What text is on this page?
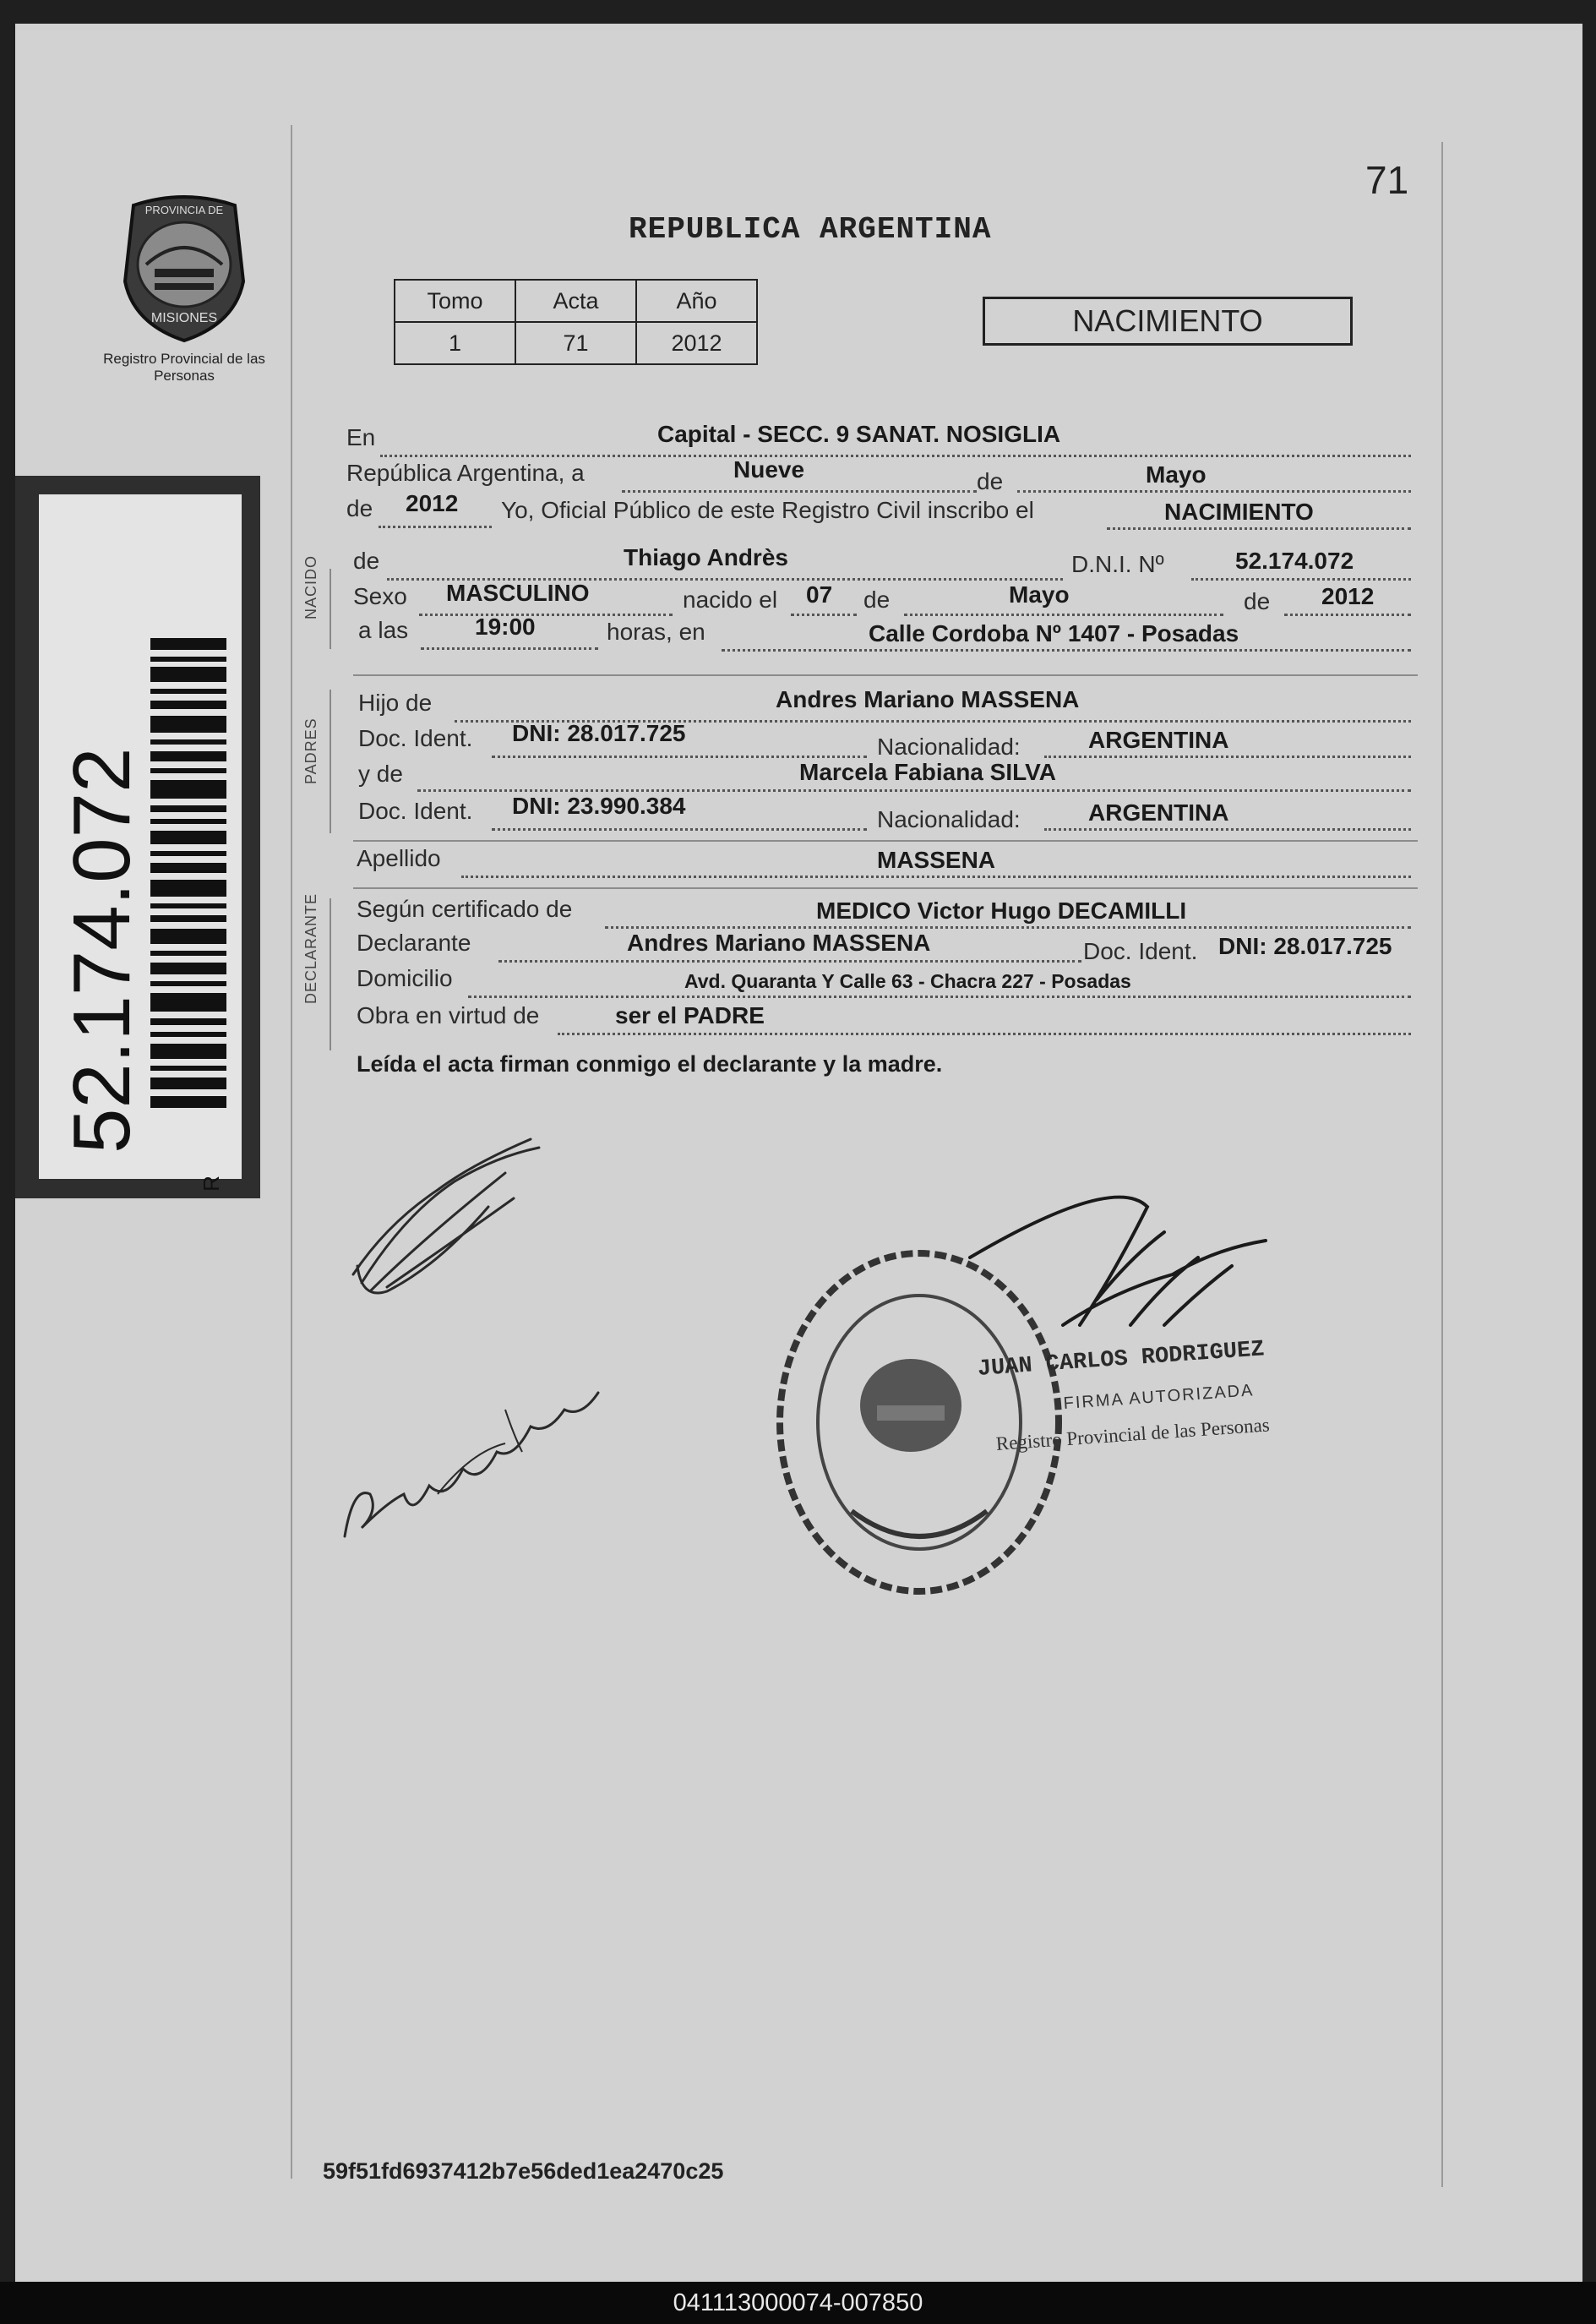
PROVINCIA DE
MISIONES
Registro Provincial de las Personas
71
REPUBLICA ARGENTINA
Tomo	Acta	Año
1	71	2012
NACIMIENTO
52.174.072
R
NACIDO
PADRES
DECLARANTE
En	Capital - SECC. 9 SANAT. NOSIGLIA
República Argentina, a	Nueve	de	Mayo
de 2012 Yo, Oficial Público de este Registro Civil inscribo el	NACIMIENTO
de	Thiago Andrès	D.N.I. Nº	52.174.072
Sexo MASCULINO	nacido el 07 de	Mayo	de 2012
a las	19:00	horas, en	Calle Cordoba Nº 1407 - Posadas
Hijo de	Andres Mariano MASSENA
Doc. Ident. DNI: 28.017.725
Nacionalidad:	ARGENTINA
y de	Marcela Fabiana SILVA
Doc. Ident. DNI: 23.990.384
Nacionalidad:	ARGENTINA
Apellido	MASSENA
Según certificado de	MEDICO Victor Hugo DECAMILLI
Declarante	Andres Mariano MASSENA	Doc. Ident. DNI: 28.017.725
Domicilio	Avd. Quaranta Y Calle 63 - Chacra 227 - Posadas
Obra en virtud de	ser el PADRE
Leída el acta firman conmigo el declarante y la madre.
JUAN CARLOS RODRIGUEZ
FIRMA AUTORIZADA
Registro Provincial de las Personas
59f51fd6937412b7e56ded1ea2470c25
041113000074-007850
